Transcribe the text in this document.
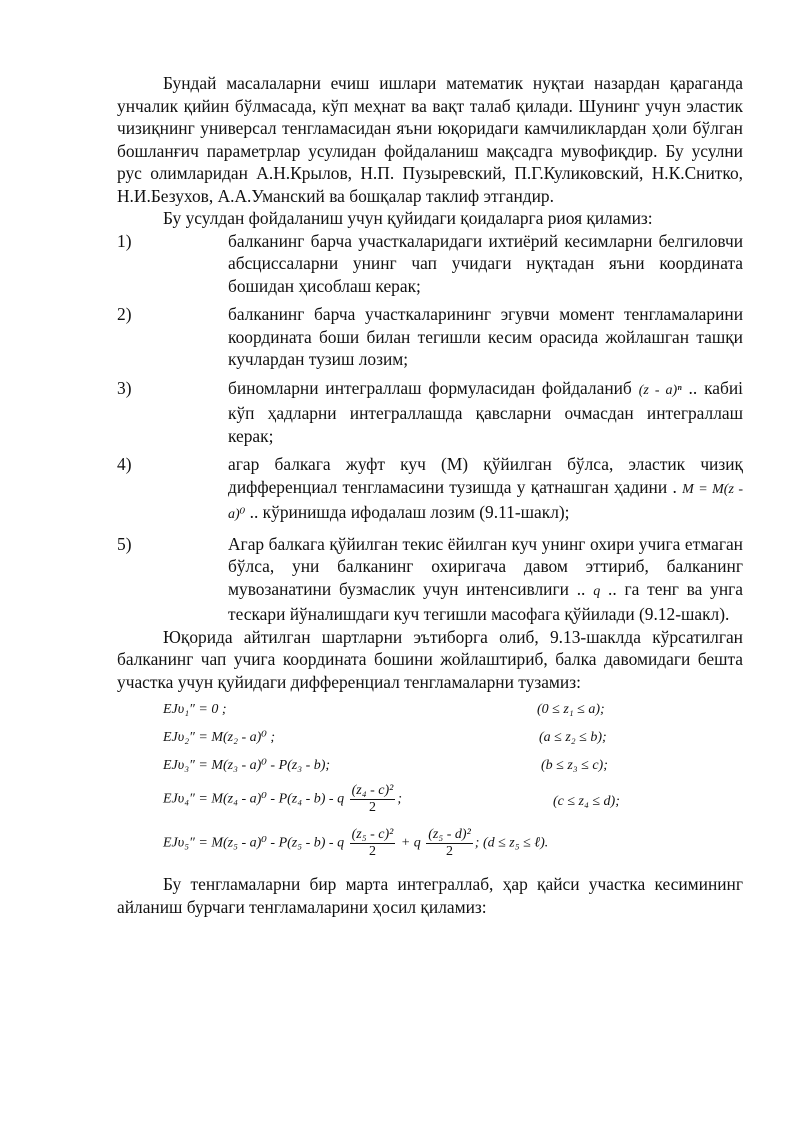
Бундай масалаларни ечиш ишлари математик нуқтаи назардан қараганда унчалик қийин бўлмасада, кўп меҳнат ва вақт талаб қилади. Шунинг учун эластик чизиқнинг универсал тенгламасидан яъни юқоридаги камчиликлардан ҳоли бўлган бошланғич параметрлар усулидан фойдаланиш мақсадга мувофиқдир. Бу усулни рус олимларидан А.Н.Крылов, Н.П. Пузыревский, П.Г.Куликовский, Н.К.Снитко, Н.И.Безухов, А.А.Уманский ва бошқалар таклиф этгандир.

Бу усулдан фойдаланиш учун қуйидаги қоидаларга риоя қиламиз:

1)	балканинг барча участкаларидаги ихтиёрий кесимларни белгиловчи абсциссаларни унинг чап учидаги нуқтадан яъни координата бошидан ҳисоблаш керак;
2)	балканинг барча участкаларининг эгувчи момент тенгламаларини координата боши билан тегишли кесим орасида жойлашган ташқи кучлардан тузиш лозим;
3)	биномларни интеграллаш формуласидан фойдаланиб (z - a)ⁿ .. кабиi кўп ҳадларни интеграллашда қавсларни очмасдан интеграллаш керак;
4)	агар балкага жуфт куч (М) қўйилган бўлса, эластик чизиқ дифференциал тенгламасини тузишда у қатнашган ҳадини . M = M(z - a)⁰ .. кўринишда ифодалаш лозим (9.11-шакл);
5)	Агар балкага қўйилган текис ёйилган куч унинг охири учига етмаган бўлса, уни балканинг охиригача давом эттириб, балканинг мувозанатини бузмаслик учун интенсивлиги .. q .. га тенг ва унга тескари йўналишдаги куч тегишли масофага қўйилади (9.12-шакл).

Юқорида айтилган шартларни эътиборга олиб, 9.13-шаклда кўрсатилган балканинг чап учига координата бошини жойлаштириб, балка давомидаги бешта участка учун қуйидаги дифференциал тенгламаларни тузамиз:

EJυ₁″ = 0 ;	(0 ≤ z₁ ≤ a);
EJυ₂″ = M(z₂ - a)⁰ ;	(a ≤ z₂ ≤ b);
EJυ₃″ = M(z₃ - a)⁰ - P(z₃ - b);	(b ≤ z₃ ≤ c);
EJυ₄″ = M(z₄ - a)⁰ - P(z₄ - b) - q $\frac{\text{(z₄ - c)²}}{2}$ ;	(c ≤ z₄ ≤ d);
EJυ₅″ = M(z₅ - a)⁰ - P(z₅ - b) - q $\frac{\text{(z₅ - c)²}}{2} + q \frac{\text{(z₅ - d)²}}{2}$ ; (d ≤ z₅ ≤ ℓ).

Бу тенгламаларни бир марта интеграллаб, ҳар қайси участка кесимининг айланиш бурчаги тенгламаларини ҳосил қиламиз:
